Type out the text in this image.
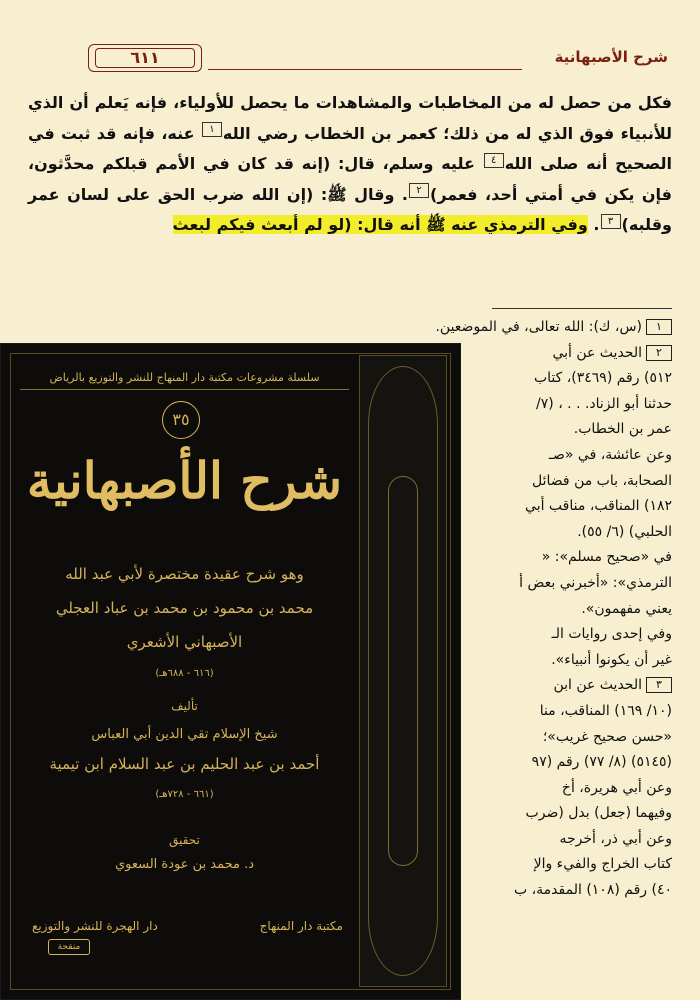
شرح الأصبهانية
٦١١

فكل من حصل له من المخاطبات والمشاهدات ما يحصل للأولياء، فإنه يَعلم أن الذي للأنبياء فوق الذي له من ذلك؛ كعمر بن الخطاب رضي الله١ عنه، فإنه قد ثبت في الصحيح أنه صلى الله٤ عليه وسلم، قال: (إنه قد كان في الأمم قبلكم محدَّثون، فإن يكن في أمتي أحد، فعمر)٢. وقال ﷺ: (إن الله ضرب الحق على لسان عمر وقلبه)٣. وفي الترمذي عنه ﷺ أنه قال: (لو لم أبعث فيكم لبعث

١(س، ك): الله تعالى، في الموضعين.

٢الحديث عن أبي

٥١٢) رقم (٣٤٦٩)، كتاب

حدثنا أبو الزناد. . . ، (٧/

عمر بن الخطاب.

وعن عائشة، في «صـ

الصحابة، باب من فضائل

١٨٢) المناقب، مناقب أبي

الحلبي) (٦/ ٥٥).

في «صحيح مسلم»: «

الترمذي»: «أخبرني بعض أ

يعني مفهمون».

وفي إحدى روايات الـ

غير أن يكونوا أنبياء».

٣الحديث عن ابن

(١٠/ ١٦٩) المناقب، منا

«حسن صحيح غريب»؛

(٥١٤٥) (٨/ ٧٧) رقم (٩٧

وعن أبي هريرة، أخ

وفيهما (جعل) بدل (ضرب

وعن أبي ذر، أخرجه

كتاب الخراج والفيء والإ

٤٠) رقم (١٠٨) المقدمة، ب

سلسلة مشروعات مكتبة دار المنهاج للنشر والتوزيع بالرياض
٣٥
شرح الأصبهانية
وهو شرح عقيدة مختصرة لأبي عبد الله
محمد بن محمود بن محمد بن عباد العجلي
الأصبهاني الأشعري
(٦١٦ - ٦٨٨هـ)
تأليف
شيخ الإسلام تقي الدين أبي العباس
أحمد بن عبد الحليم بن عبد السلام ابن تيمية
(٦٦١ - ٧٢٨هـ)
تحقيق
د. محمد بن عودة السعوي
مكتبة دار المنهاج
دار الهجرة للنشر والتوزيع
منقحة
